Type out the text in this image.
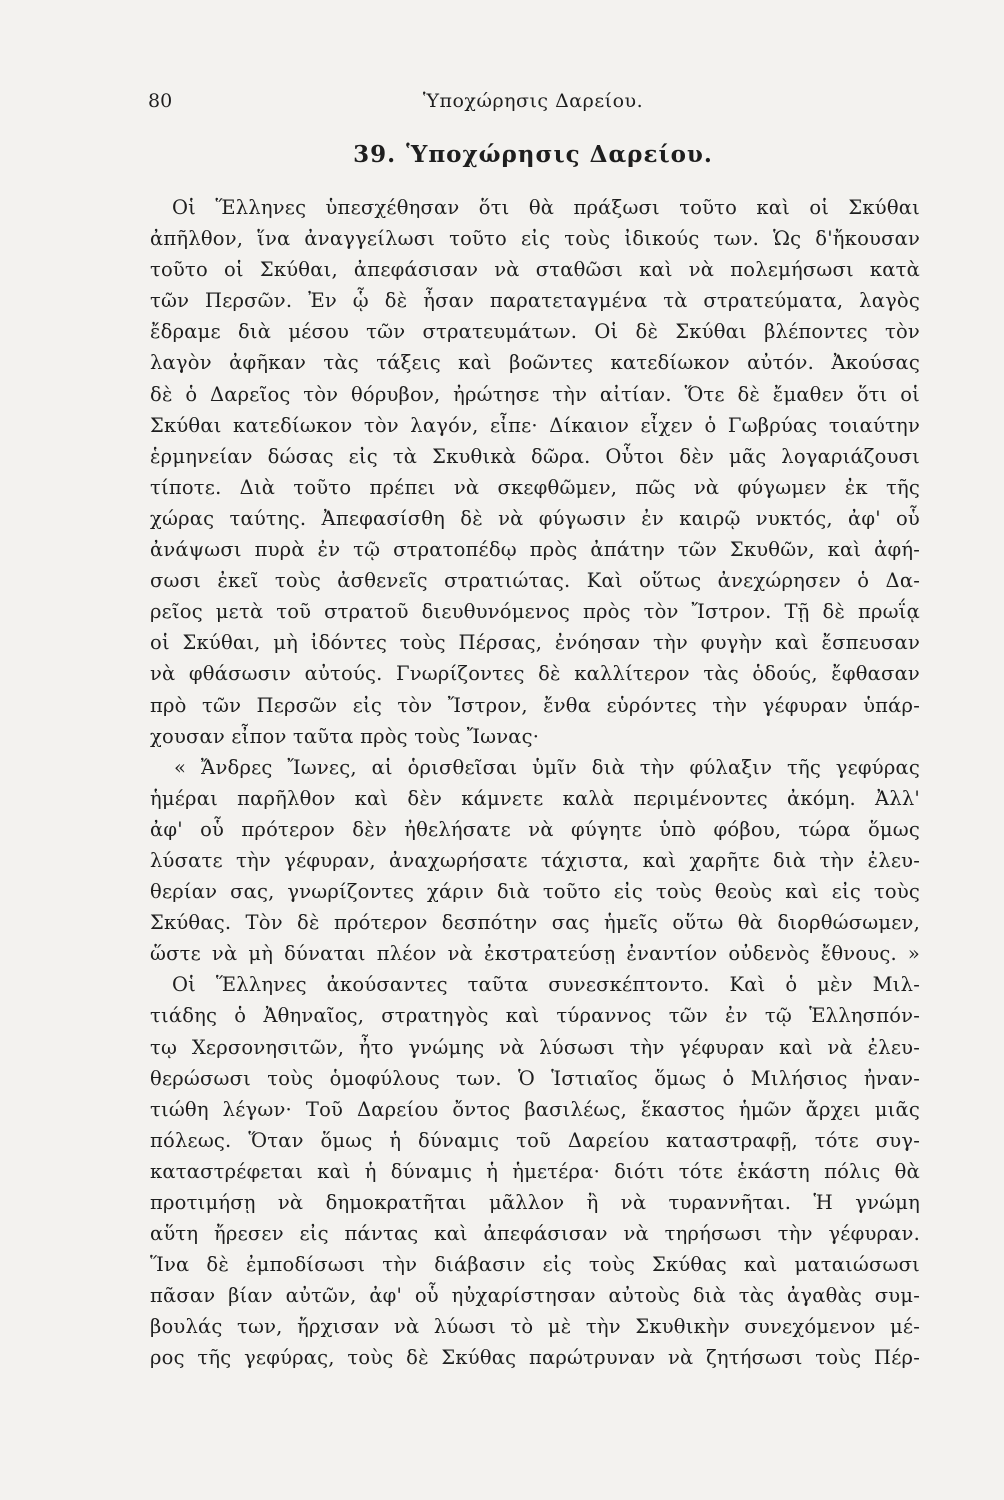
80	Ὑποχώρησις Δαρείου.
39. Ὑποχώρησις Δαρείου.
Οἱ Ἕλληνες ὑπεσχέθησαν ὅτι θὰ πράξωσι τοῦτο καὶ οἱ Σκύθαι
ἀπῆλθον, ἵνα ἀναγγείλωσι τοῦτο εἰς τοὺς ἰδικούς των. Ὡς δ'ἤκουσαν
τοῦτο οἱ Σκύθαι, ἀπεφάσισαν νὰ σταθῶσι καὶ νὰ πολεμήσωσι κατὰ
τῶν Περσῶν. Ἐν ᾧ δὲ ἦσαν παρατεταγμένα τὰ στρατεύματα, λαγὸς
ἔδραμε διὰ μέσου τῶν στρατευμάτων. Οἱ δὲ Σκύθαι βλέποντες τὸν
λαγὸν ἀφῆκαν τὰς τάξεις καὶ βοῶντες κατεδίωκον αὐτόν. Ἀκούσας
δὲ ὁ Δαρεῖος τὸν θόρυβον, ἠρώτησε τὴν αἰτίαν. Ὅτε δὲ ἔμαθεν ὅτι οἱ
Σκύθαι κατεδίωκον τὸν λαγόν, εἶπε· Δίκαιον εἶχεν ὁ Γωβρύας τοιαύτην
ἑρμηνείαν δώσας εἰς τὰ Σκυθικὰ δῶρα. Οὗτοι δὲν μᾶς λογαριάζουσι
τίποτε. Διὰ τοῦτο πρέπει νὰ σκεφθῶμεν, πῶς νὰ φύγωμεν ἐκ τῆς
χώρας ταύτης. Ἀπεφασίσθη δὲ νὰ φύγωσιν ἐν καιρῷ νυκτός, ἀφ' οὗ
ἀνάψωσι πυρὰ ἐν τῷ στρατοπέδῳ πρὸς ἀπάτην τῶν Σκυθῶν, καὶ ἀφή-
σωσι ἐκεῖ τοὺς ἀσθενεῖς στρατιώτας. Καὶ οὕτως ἀνεχώρησεν ὁ Δα-
ρεῖος μετὰ τοῦ στρατοῦ διευθυνόμενος πρὸς τὸν Ἴστρον. Τῇ δὲ πρωΐᾳ
οἱ Σκύθαι, μὴ ἰδόντες τοὺς Πέρσας, ἐνόησαν τὴν φυγὴν καὶ ἔσπευσαν
νὰ φθάσωσιν αὐτούς. Γνωρίζοντες δὲ καλλίτερον τὰς ὁδούς, ἔφθασαν
πρὸ τῶν Περσῶν εἰς τὸν Ἴστρον, ἔνθα εὑρόντες τὴν γέφυραν ὑπάρ-
χουσαν εἶπον ταῦτα πρὸς τοὺς Ἴωνας·
« Ἄνδρες Ἴωνες, αἱ ὁρισθεῖσαι ὑμῖν διὰ τὴν φύλαξιν τῆς γεφύρας
ἡμέραι παρῆλθον καὶ δὲν κάμνετε καλὰ περιμένοντες ἀκόμη. Ἀλλ'
ἀφ' οὗ πρότερον δὲν ἠθελήσατε νὰ φύγητε ὑπὸ φόβου, τώρα ὅμως
λύσατε τὴν γέφυραν, ἀναχωρήσατε τάχιστα, καὶ χαρῆτε διὰ τὴν ἐλευ-
θερίαν σας, γνωρίζοντες χάριν διὰ τοῦτο εἰς τοὺς θεοὺς καὶ εἰς τοὺς
Σκύθας. Τὸν δὲ πρότερον δεσπότην σας ἡμεῖς οὕτω θὰ διορθώσωμεν,
ὥστε νὰ μὴ δύναται πλέον νὰ ἐκστρατεύσῃ ἐναντίον οὐδενὸς ἔθνους. »
Οἱ Ἕλληνες ἀκούσαντες ταῦτα συνεσκέπτοντο. Καὶ ὁ μὲν Μιλ-
τιάδης ὁ Ἀθηναῖος, στρατηγὸς καὶ τύραννος τῶν ἐν τῷ Ἑλλησπόν-
τῳ Χερσονησιτῶν, ἦτο γνώμης νὰ λύσωσι τὴν γέφυραν καὶ νὰ ἐλευ-
θερώσωσι τοὺς ὁμοφύλους των. Ὁ Ἱστιαῖος ὅμως ὁ Μιλήσιος ἠναν-
τιώθη λέγων· Τοῦ Δαρείου ὄντος βασιλέως, ἕκαστος ἡμῶν ἄρχει μιᾶς
πόλεως. Ὅταν ὅμως ἡ δύναμις τοῦ Δαρείου καταστραφῇ, τότε συγ-
καταστρέφεται καὶ ἡ δύναμις ἡ ἡμετέρα· διότι τότε ἑκάστη πόλις θὰ
προτιμήσῃ νὰ δημοκρατῆται μᾶλλον ἢ νὰ τυραννῆται. Ἡ γνώμη
αὕτη ἤρεσεν εἰς πάντας καὶ ἀπεφάσισαν νὰ τηρήσωσι τὴν γέφυραν.
Ἵνα δὲ ἐμποδίσωσι τὴν διάβασιν εἰς τοὺς Σκύθας καὶ ματαιώσωσι
πᾶσαν βίαν αὐτῶν, ἀφ' οὗ ηὐχαρίστησαν αὐτοὺς διὰ τὰς ἀγαθὰς συμ-
βουλάς των, ἤρχισαν νὰ λύωσι τὸ μὲ τὴν Σκυθικὴν συνεχόμενον μέ-
ρος τῆς γεφύρας, τοὺς δὲ Σκύθας παρώτρυναν νὰ ζητήσωσι τοὺς Πέρ-
